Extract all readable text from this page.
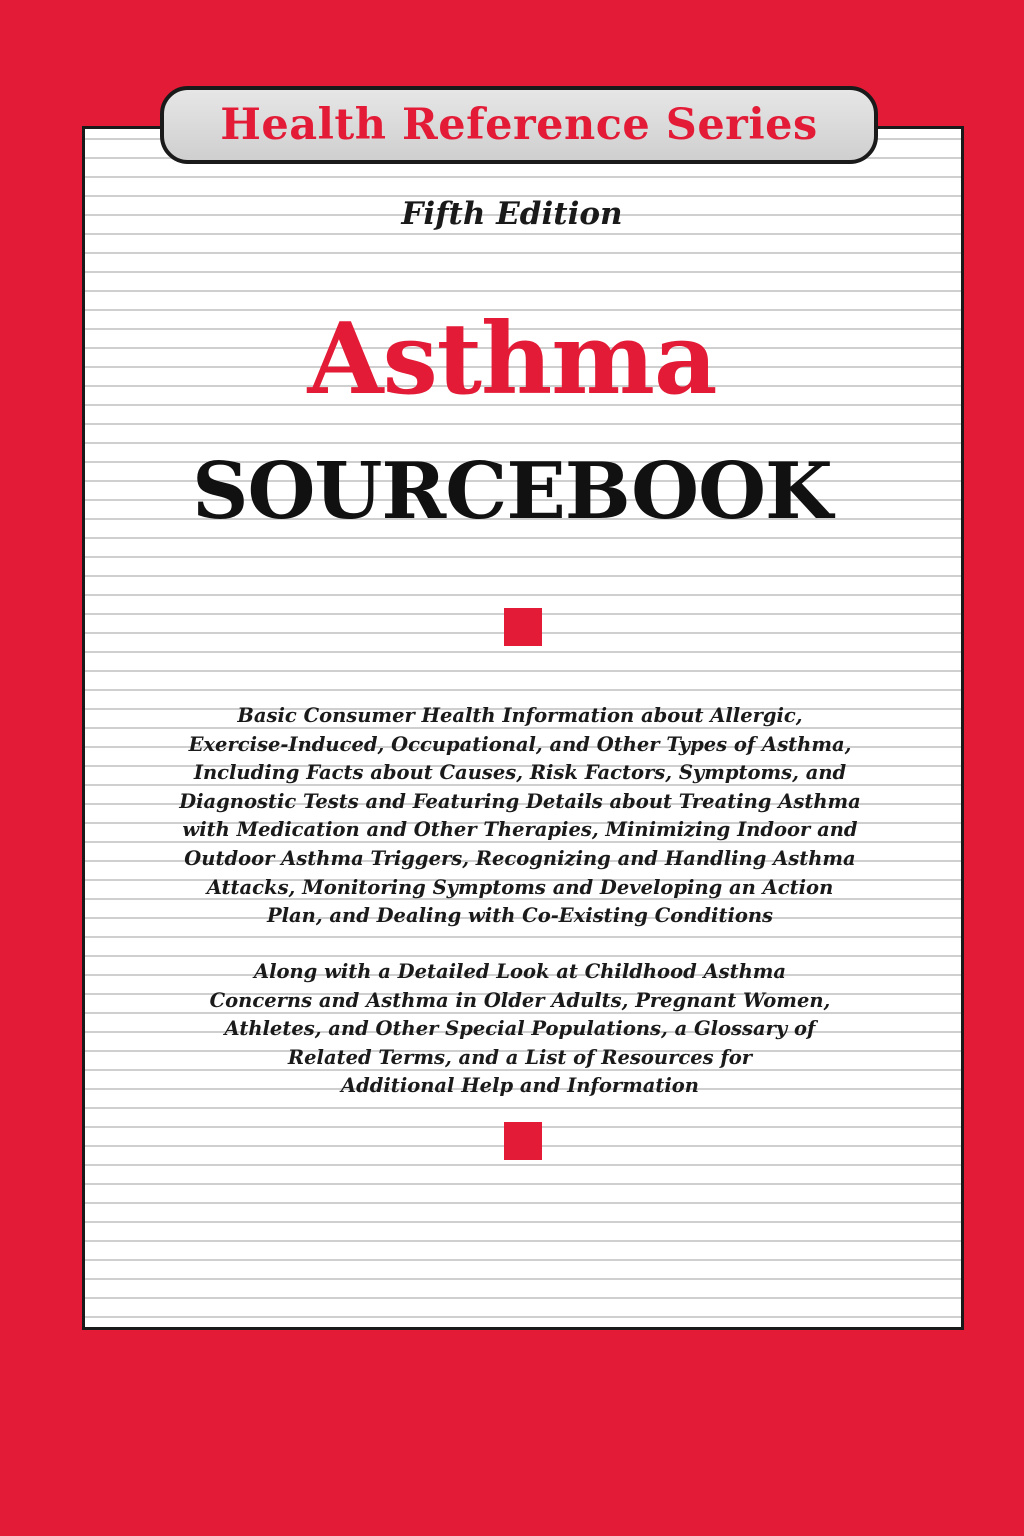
Health Reference Series
Fifth Edition
Asthma
SOURCEBOOK
Basic Consumer Health Information about Allergic,
Exercise-Induced, Occupational, and Other Types of Asthma,
Including Facts about Causes, Risk Factors, Symptoms, and
Diagnostic Tests and Featuring Details about Treating Asthma
with Medication and Other Therapies, Minimizing Indoor and
Outdoor Asthma Triggers, Recognizing and Handling Asthma
Attacks, Monitoring Symptoms and Developing an Action
Plan, and Dealing with Co-Existing Conditions
Along with a Detailed Look at Childhood Asthma
Concerns and Asthma in Older Adults, Pregnant Women,
Athletes, and Other Special Populations, a Glossary of
Related Terms, and a List of Resources for
Additional Help and Information
